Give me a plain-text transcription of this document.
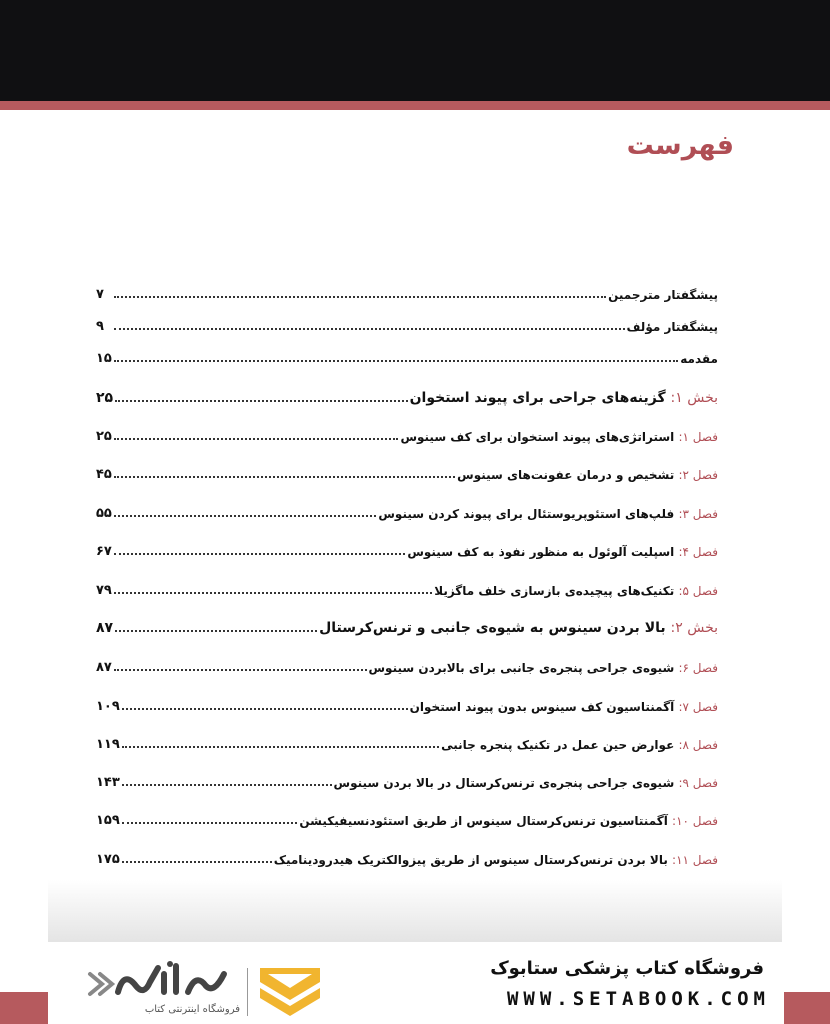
فهرست
پیشگفتار مترجمین
۷
پیشگفتار مؤلف
۹
مقدمه
۱۵
بخش ۱: گزینه‌های جراحی برای پیوند استخوان
۲۵
فصل ۱: استراتژی‌های پیوند استخوان برای کف سینوس
۲۵
فصل ۲: تشخیص و درمان عفونت‌های سینوس
۴۵
فصل ۳: فلپ‌های استئوپریوستئال برای پیوند کردن سینوس
۵۵
فصل ۴: اسپلیت آلوئول به منظور نفوذ به کف سینوس
۶۷
فصل ۵: تکنیک‌های پیچیده‌ی بازسازی خلف ماگزیلا
۷۹
بخش ۲: بالا بردن سینوس به شیوه‌ی جانبی و ترنس‌کرستال
۸۷
فصل ۶: شیوه‌ی جراحی پنجره‌ی جانبی برای بالابردن سینوس
۸۷
فصل ۷: آگمنتاسیون کف سینوس بدون پیوند استخوان
۱۰۹
فصل ۸: عوارض حین عمل در تکنیک پنجره جانبی
۱۱۹
فصل ۹: شیوه‌ی جراحی پنجره‌ی ترنس‌کرستال در بالا بردن سینوس
۱۴۳
فصل ۱۰: آگمنتاسیون ترنس‌کرستال سینوس از طریق استئودنسیفیکیشن
۱۵۹
فصل ۱۱: بالا بردن ترنس‌کرستال سینوس از طریق پیزوالکتریک هیدرودینامیک
۱۷۵
فروشگاه کتاب پزشکی ستابوک
WWW.SETABOOK.COM
فروشگاه اینترنتی کتاب
